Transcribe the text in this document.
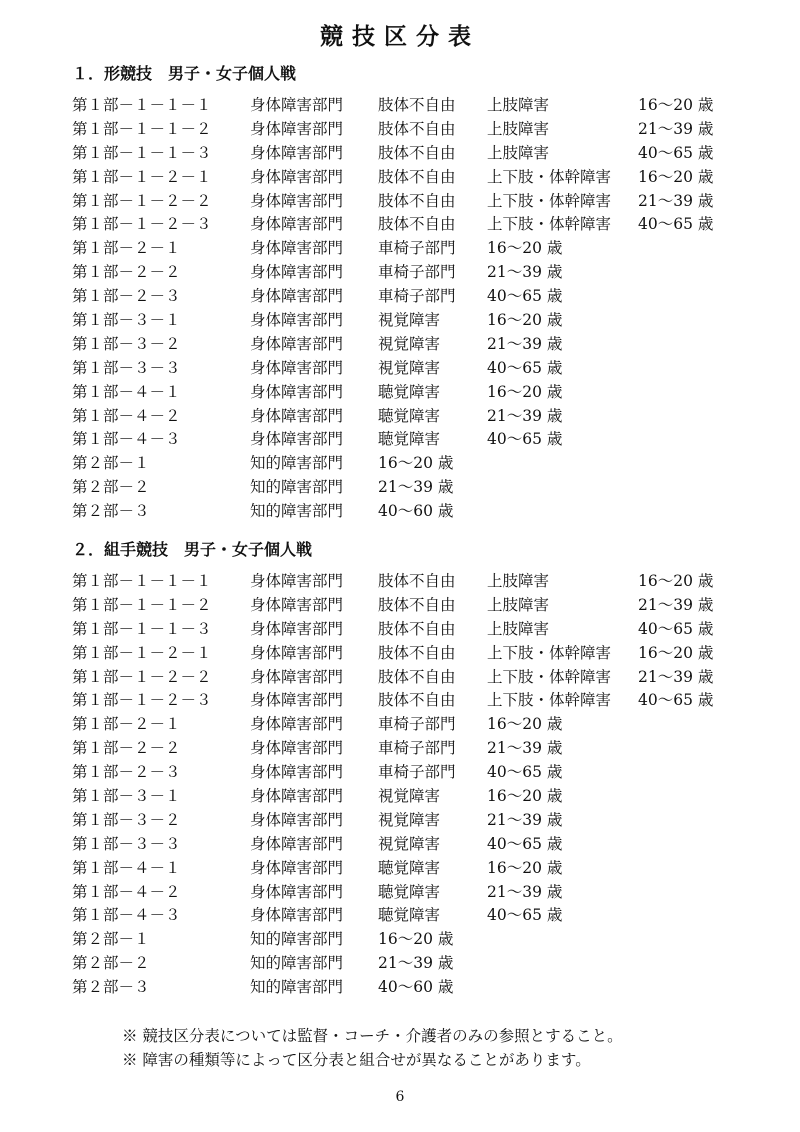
競技区分表
１．形競技　男子・女子個人戦
第１部－１－１－１ 身体障害部門 肢体不自由 上肢障害	16～20 歳
第１部－１－１－２ 身体障害部門 肢体不自由 上肢障害	21～39 歳
第１部－１－１－３ 身体障害部門 肢体不自由 上肢障害	40～65 歳
第１部－１－２－１ 身体障害部門 肢体不自由 上下肢・体幹障害 16～20 歳
第１部－１－２－２ 身体障害部門 肢体不自由 上下肢・体幹障害 21～39 歳
第１部－１－２－３ 身体障害部門 肢体不自由 上下肢・体幹障害 40～65 歳
第１部－２－１	身体障害部門 車椅子部門 16～20 歳
第１部－２－２	身体障害部門 車椅子部門 21～39 歳
第１部－２－３	身体障害部門 車椅子部門 40～65 歳
第１部－３－１	身体障害部門 視覚障害	16～20 歳
第１部－３－２	身体障害部門 視覚障害	21～39 歳
第１部－３－３	身体障害部門 視覚障害	40～65 歳
第１部－４－１	身体障害部門 聴覚障害	16～20 歳
第１部－４－２	身体障害部門 聴覚障害	21～39 歳
第１部－４－３	身体障害部門 聴覚障害	40～65 歳
第２部－１	知的障害部門 16～20 歳
第２部－２	知的障害部門 21～39 歳
第２部－３	知的障害部門 40～60 歳
２．組手競技　男子・女子個人戦
第１部－１－１－１ 身体障害部門 肢体不自由 上肢障害	16～20 歳
第１部－１－１－２ 身体障害部門 肢体不自由 上肢障害	21～39 歳
第１部－１－１－３ 身体障害部門 肢体不自由 上肢障害	40～65 歳
第１部－１－２－１ 身体障害部門 肢体不自由 上下肢・体幹障害 16～20 歳
第１部－１－２－２ 身体障害部門 肢体不自由 上下肢・体幹障害 21～39 歳
第１部－１－２－３ 身体障害部門 肢体不自由 上下肢・体幹障害 40～65 歳
第１部－２－１	身体障害部門 車椅子部門 16～20 歳
第１部－２－２	身体障害部門 車椅子部門 21～39 歳
第１部－２－３	身体障害部門 車椅子部門 40～65 歳
第１部－３－１	身体障害部門 視覚障害	16～20 歳
第１部－３－２	身体障害部門 視覚障害	21～39 歳
第１部－３－３	身体障害部門 視覚障害	40～65 歳
第１部－４－１	身体障害部門 聴覚障害	16～20 歳
第１部－４－２	身体障害部門 聴覚障害	21～39 歳
第１部－４－３	身体障害部門 聴覚障害	40～65 歳
第２部－１	知的障害部門 16～20 歳
第２部－２	知的障害部門 21～39 歳
第２部－３	知的障害部門 40～60 歳
※ 競技区分表については監督・コーチ・介護者のみの参照とすること。
※ 障害の種類等によって区分表と組合せが異なることがあります。
6
